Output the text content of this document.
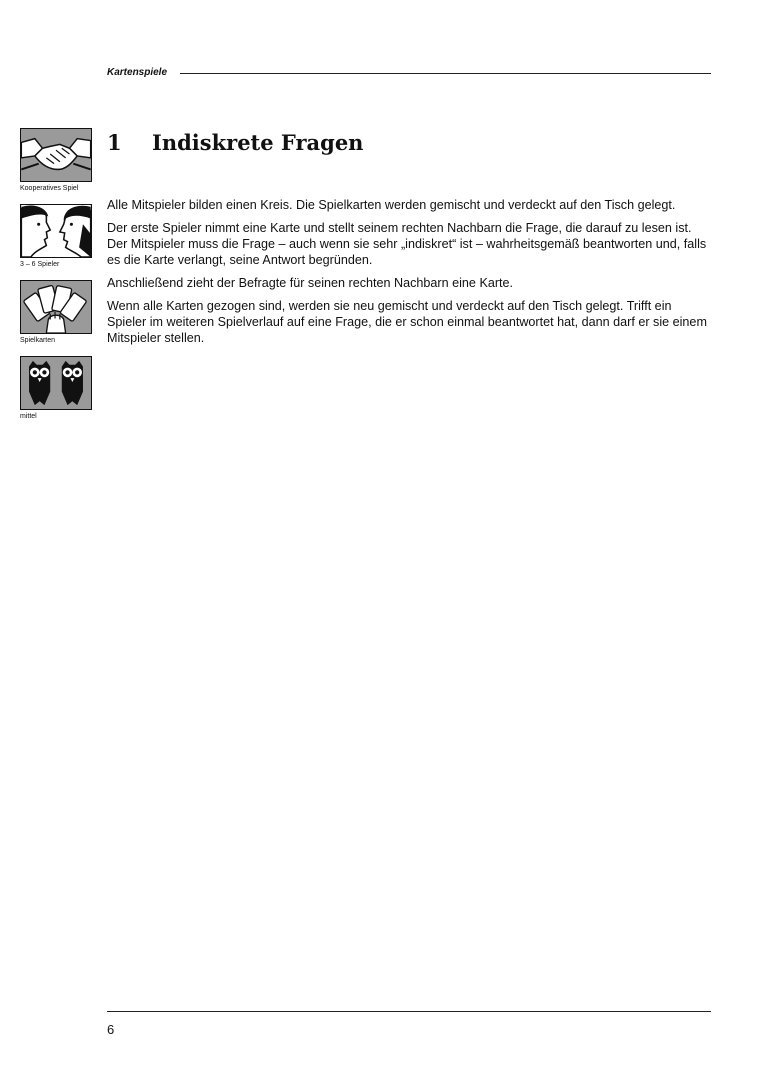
Kartenspiele
Kooperatives Spiel
3 – 6 Spieler
Spielkarten
mittel
1 Indiskrete Fragen

Alle Mitspieler bilden einen Kreis. Die Spielkarten werden gemischt und verdeckt auf den Tisch gelegt.

Der erste Spieler nimmt eine Karte und stellt seinem rechten Nachbarn die Frage, die darauf zu lesen ist. Der Mitspieler muss die Frage – auch wenn sie sehr „indiskret“ ist – wahrheitsgemäß beantworten und, falls es die Karte verlangt, seine Antwort begründen.

Anschließend zieht der Befragte für seinen rechten Nachbarn eine Karte.

Wenn alle Karten gezogen sind, werden sie neu gemischt und verdeckt auf den Tisch gelegt. Trifft ein Spieler im weiteren Spielverlauf auf eine Frage, die er schon einmal beantwortet hat, dann darf er sie einem Mitspieler stellen.

6
